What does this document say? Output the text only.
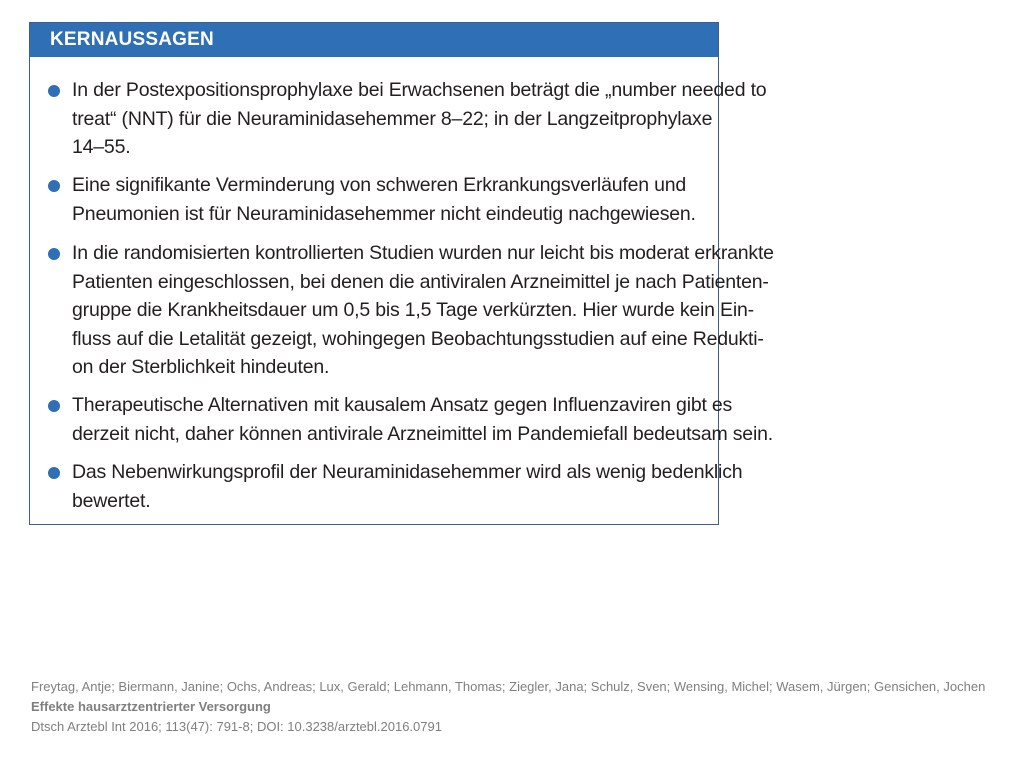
KERNAUSSAGEN
In der Postexpositionsprophylaxe bei Erwachsenen beträgt die „number needed to
treat“ (NNT) für die Neuraminidasehemmer 8–22; in der Langzeitprophylaxe
14–55.
Eine signifikante Verminderung von schweren Erkrankungsverläufen und
Pneumonien ist für Neuraminidasehemmer nicht eindeutig nachgewiesen.
In die randomisierten kontrollierten Studien wurden nur leicht bis moderat erkrankte
Patienten eingeschlossen, bei denen die antiviralen Arzneimittel je nach Patienten-
gruppe die Krankheitsdauer um 0,5 bis 1,5 Tage verkürzten. Hier wurde kein Ein-
fluss auf die Letalität gezeigt, wohingegen Beobachtungsstudien auf eine Redukti-
on der Sterblichkeit hindeuten.
Therapeutische Alternativen mit kausalem Ansatz gegen Influenzaviren gibt es
derzeit nicht, daher können antivirale Arzneimittel im Pandemiefall bedeutsam sein.
Das Nebenwirkungsprofil der Neuraminidasehemmer wird als wenig bedenklich
bewertet.
Freytag, Antje; Biermann, Janine; Ochs, Andreas; Lux, Gerald; Lehmann, Thomas; Ziegler, Jana; Schulz, Sven; Wensing, Michel; Wasem, Jürgen; Gensichen, Jochen
Effekte hausarztzentrierter Versorgung
Dtsch Arztebl Int 2016; 113(47): 791-8; DOI: 10.3238/arztebl.2016.0791
